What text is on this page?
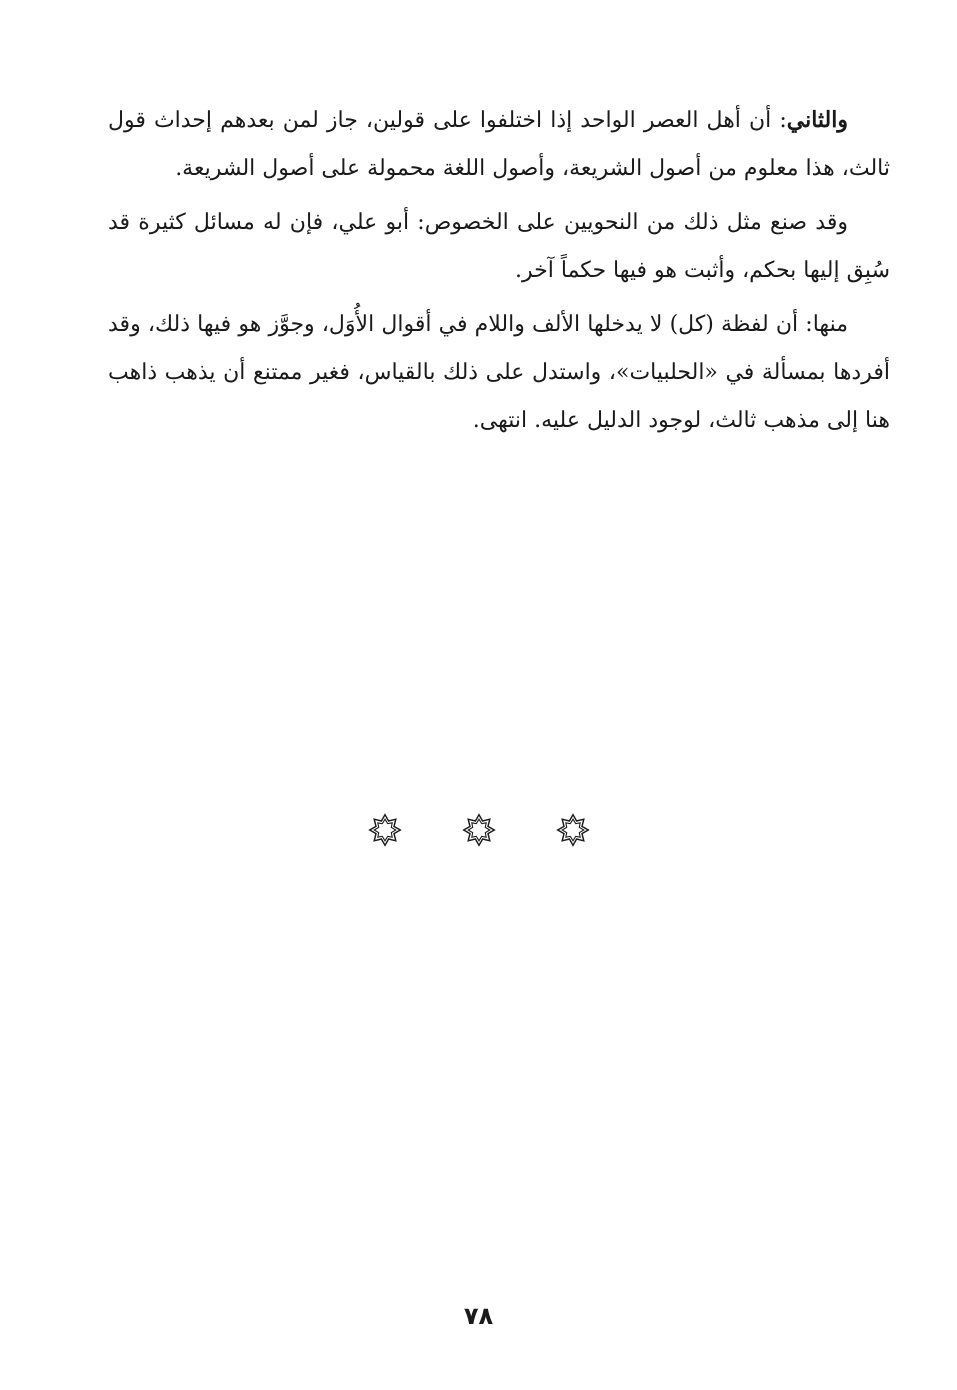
والثاني: أن أهل العصر الواحد إذا اختلفوا على قولين، جاز لمن بعدهم إحداث قول ثالث، هذا معلوم من أصول الشريعة، وأصول اللغة محمولة على أصول الشريعة.

وقد صنع مثل ذلك من النحويين على الخصوص: أبو علي، فإن له مسائل كثيرة قد سُبِق إليها بحكم، وأثبت هو فيها حكماً آخر.

منها: أن لفظة (كل) لا يدخلها الألف واللام في أقوال الأُوَل، وجوَّز هو فيها ذلك، وقد أفردها بمسألة في «الحلبيات»، واستدل على ذلك بالقياس، فغير ممتنع أن يذهب ذاهب هنا إلى مذهب ثالث، لوجود الدليل عليه. انتهى.

٧٨
